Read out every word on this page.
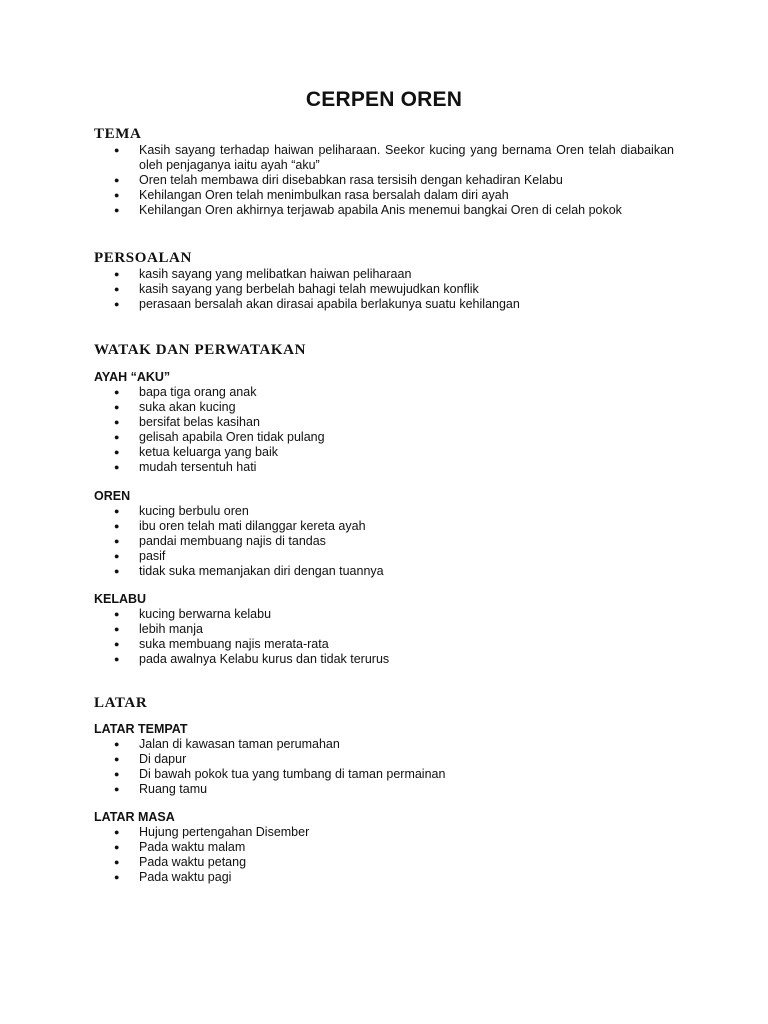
CERPEN OREN
TEMA
●	Kasih sayang terhadap haiwan peliharaan. Seekor kucing yang bernama Oren telah diabaikan oleh penjaganya iaitu ayah “aku”
●	Oren telah membawa diri disebabkan rasa tersisih dengan kehadiran Kelabu
●	Kehilangan Oren telah menimbulkan rasa bersalah dalam diri ayah
●	Kehilangan Oren akhirnya terjawab apabila Anis menemui bangkai Oren di celah pokok
PERSOALAN
●	kasih sayang yang melibatkan haiwan peliharaan
●	kasih sayang yang berbelah bahagi telah mewujudkan konflik
●	perasaan bersalah akan dirasai apabila berlakunya suatu kehilangan
WATAK DAN PERWATAKAN
AYAH “AKU”
●	bapa tiga orang anak
●	suka akan kucing
●	bersifat belas kasihan
●	gelisah apabila Oren tidak pulang
●	ketua keluarga yang baik
●	mudah tersentuh hati
OREN
●	kucing berbulu oren
●	ibu oren telah mati dilanggar kereta ayah
●	pandai membuang najis di tandas
●	pasif
●	tidak suka memanjakan diri dengan tuannya
KELABU
●	kucing berwarna kelabu
●	lebih manja
●	suka membuang najis merata-rata
●	pada awalnya Kelabu kurus dan tidak terurus
LATAR
LATAR TEMPAT
●	Jalan di kawasan taman perumahan
●	Di dapur
●	Di bawah pokok tua yang tumbang di taman permainan
●	Ruang tamu
LATAR MASA
●	Hujung pertengahan Disember
●	Pada waktu malam
●	Pada waktu petang
●	Pada waktu pagi
